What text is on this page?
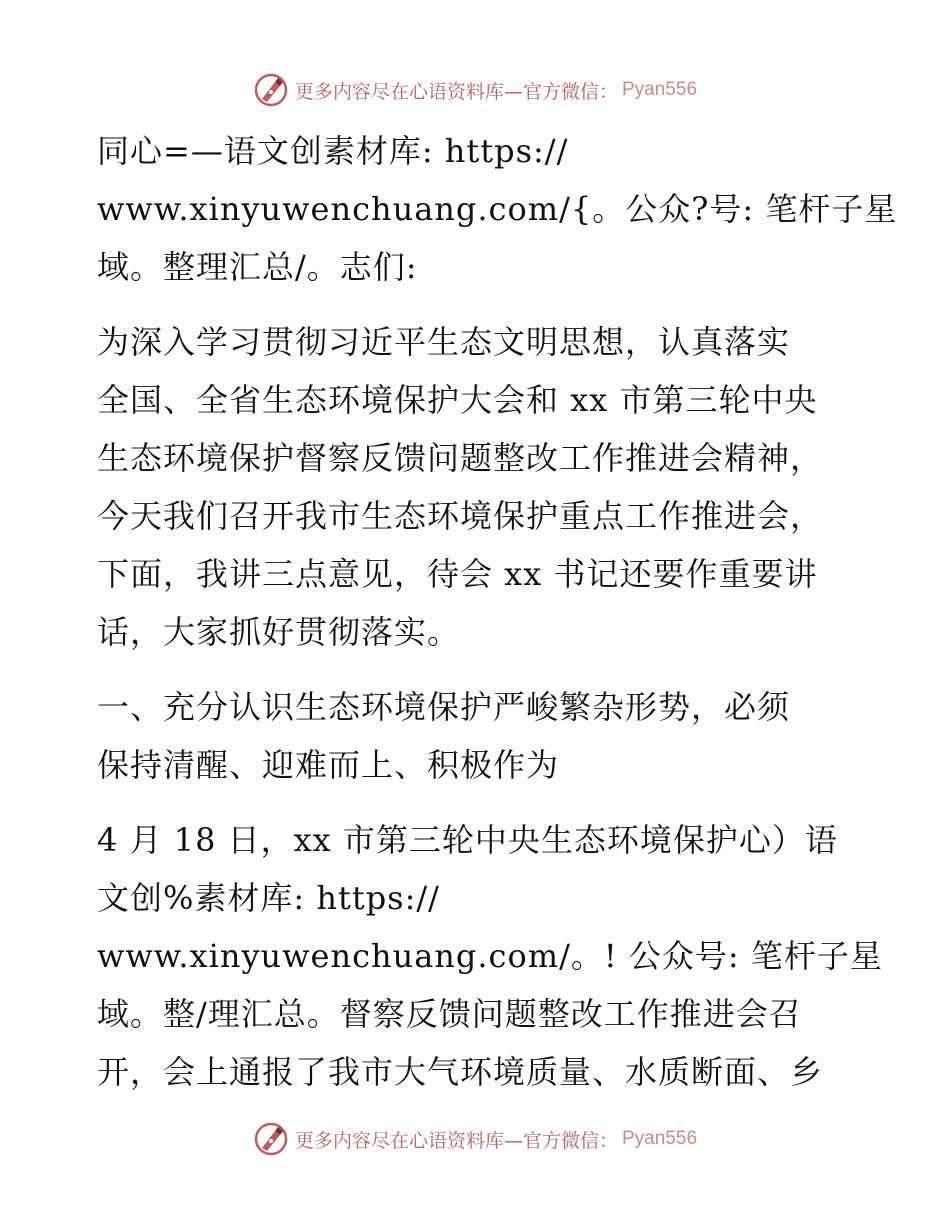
更多内容尽在心语资料库—官方微信： Pyan556
同心=—语文创素材库: https://
www.xinyuwenchuang.com/{。公众?号: 笔杆子星
域。整理汇总/。志们:
为深入学习贯彻习近平生态文明思想，认真落实
全国、全省生态环境保护大会和 xx 市第三轮中央
生态环境保护督察反馈问题整改工作推进会精神，
今天我们召开我市生态环境保护重点工作推进会，
下面，我讲三点意见，待会 xx 书记还要作重要讲
话，大家抓好贯彻落实。
一、充分认识生态环境保护严峻繁杂形势，必须
保持清醒、迎难而上、积极作为
4 月 18 日，xx 市第三轮中央生态环境保护心）语
文创%素材库: https://
www.xinyuwenchuang.com/。! 公众号: 笔杆子星
域。整/理汇总。督察反馈问题整改工作推进会召
开，会上通报了我市大气环境质量、水质断面、乡
更多内容尽在心语资料库—官方微信： Pyan556
